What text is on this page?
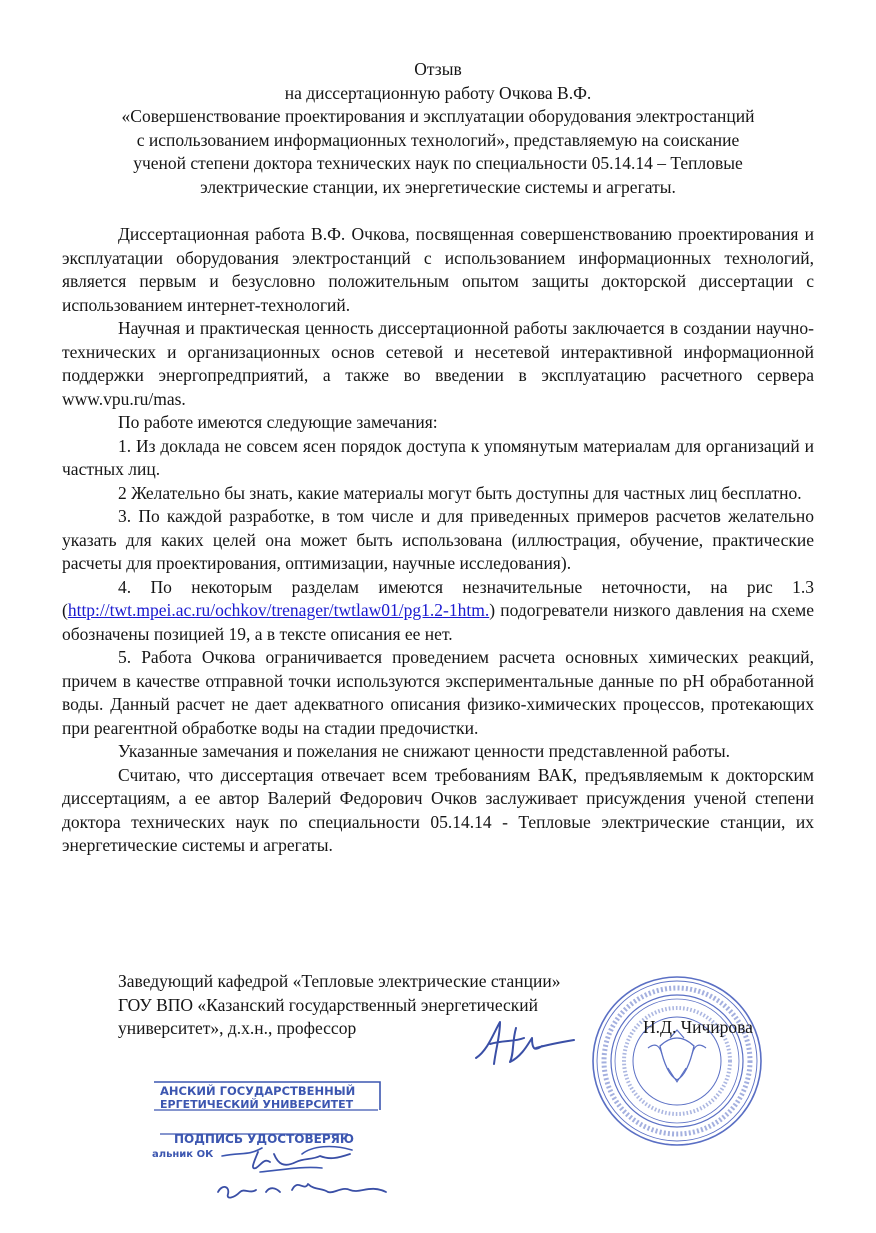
Отзыв
на диссертационную работу Очкова В.Ф.
«Совершенствование проектирования и эксплуатации оборудования электростанций
с использованием информационных технологий», представляемую на соискание
ученой степени доктора технических наук по специальности 05.14.14 – Тепловые
электрические станции, их энергетические системы и агрегаты.

Диссертационная работа В.Ф. Очкова, посвященная совершенствованию проектирования и эксплуатации оборудования электростанций с использованием информационных технологий, является первым и безусловно положительным опытом защиты докторской диссертации с использованием интернет-технологий.

Научная и практическая ценность диссертационной работы заключается в создании научно-технических и организационных основ сетевой и несетевой интерактивной информационной поддержки энергопредприятий, а также во введении в эксплуатацию расчетного сервера www.vpu.ru/mas.

По работе имеются следующие замечания:

1. Из доклада не совсем ясен порядок доступа к упомянутым материалам для организаций и частных лиц.

2 Желательно бы знать, какие материалы могут быть доступны для частных лиц бесплатно.

3. По каждой разработке, в том числе и для приведенных примеров расчетов желательно указать для каких целей она может быть использована (иллюстрация, обучение, практические расчеты для проектирования, оптимизации, научные исследования).

4. По некоторым разделам имеются незначительные неточности, на рис 1.3 (http://twt.mpei.ac.ru/ochkov/trenager/twtlaw01/pg1.2-1htm.) подогреватели низкого давления на схеме обозначены позицией 19, а в тексте описания ее нет.

5. Работа Очкова ограничивается проведением расчета основных химических реакций, причем в качестве отправной точки используются экспериментальные данные по pH обработанной воды. Данный расчет не дает адекватного описания физико-химических процессов, протекающих при реагентной обработке воды на стадии предочистки.

Указанные замечания и пожелания не снижают ценности представленной работы.

Считаю, что диссертация отвечает всем требованиям ВАК, предъявляемым к докторским диссертациям, а ее автор Валерий Федорович Очков заслуживает присуждения ученой степени доктора технических наук по специальности 05.14.14 - Тепловые электрические станции, их энергетические системы и агрегаты.

Заведующий кафедрой «Тепловые электрические станции»
ГОУ ВПО «Казанский государственный энергетический
университет», д.х.н., профессор	Н.Д. Чичирова
АНСКИЙ ГОСУДАРСТВЕННЫЙ
ЕРГЕТИЧЕСКИЙ УНИВЕРСИТЕТ
ПОДПИСЬ УДОСТОВЕРЯЮ
альник ОК
